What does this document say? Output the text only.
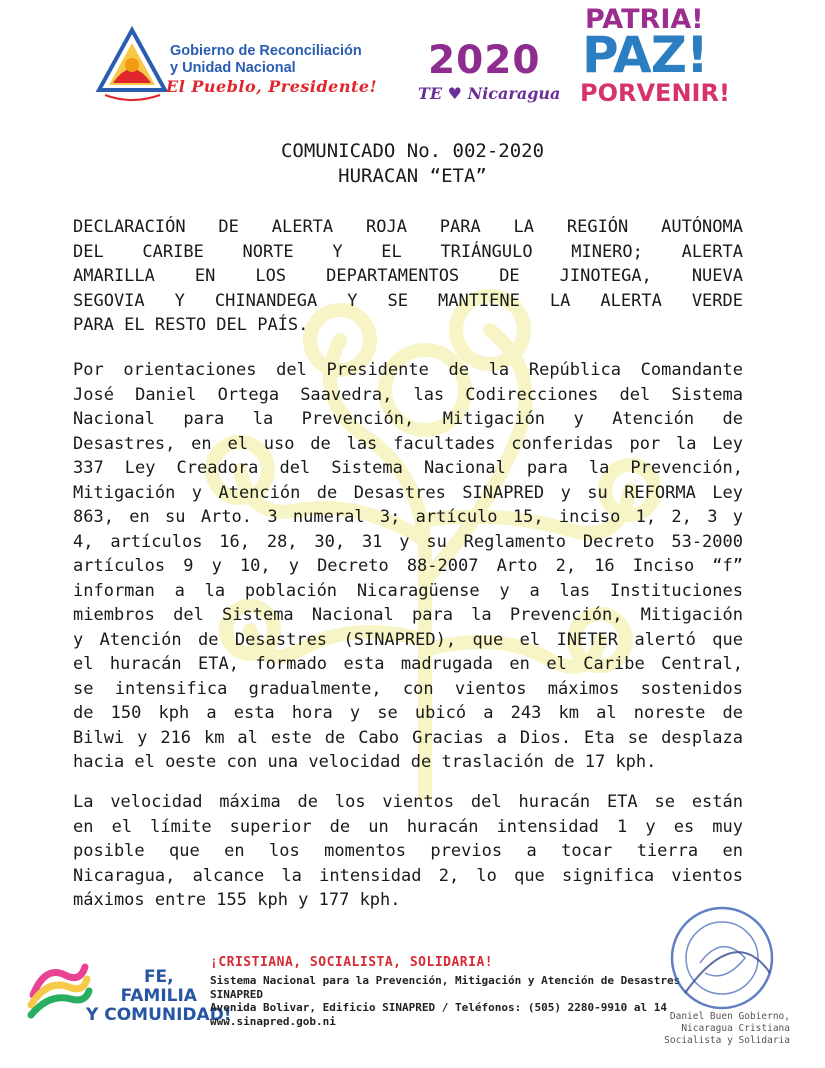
Gobierno de Reconciliación
y Unidad Nacional
El Pueblo, Presidente!
2020
TE ♥ Nicaragua
PATRIA!
PAZ!
PORVENIR!
COMUNICADO No. 002-2020
HURACAN “ETA”
DECLARACIÓN DE ALERTA ROJA PARA LA REGIÓN AUTÓNOMA
DEL CARIBE NORTE Y EL TRIÁNGULO MINERO; ALERTA
AMARILLA EN LOS DEPARTAMENTOS DE JINOTEGA, NUEVA
SEGOVIA Y CHINANDEGA Y SE MANTIENE LA ALERTA VERDE
PARA EL RESTO DEL PAÍS.
Por orientaciones del Presidente de la República Comandante
José Daniel Ortega Saavedra, las Codirecciones del Sistema
Nacional para la Prevención, Mitigación y Atención de
Desastres, en el uso de las facultades conferidas por la Ley
337 Ley Creadora del Sistema Nacional para la Prevención,
Mitigación y Atención de Desastres SINAPRED y su REFORMA Ley
863, en su Arto. 3 numeral 3; artículo 15, inciso 1, 2, 3 y
4, artículos 16, 28, 30, 31 y su Reglamento Decreto 53-2000
artículos 9 y 10, y Decreto 88-2007 Arto 2, 16 Inciso “f”
informan a la población Nicaragüense y a las Instituciones
miembros del Sistema Nacional para la Prevención, Mitigación
y Atención de Desastres (SINAPRED), que el INETER alertó que
el huracán ETA, formado esta madrugada en el Caribe Central,
se intensifica gradualmente, con vientos máximos sostenidos
de 150 kph a esta hora y se ubicó a 243 km al noreste de
Bilwi y 216 km al este de Cabo Gracias a Dios. Eta se desplaza
hacia el oeste con una velocidad de traslación de 17 kph.
La velocidad máxima de los vientos del huracán ETA se están
en el límite superior de un huracán intensidad 1 y es muy
posible que en los momentos previos a tocar tierra en
Nicaragua, alcance la intensidad 2, lo que significa vientos
máximos entre 155 kph y 177 kph.
FE,
FAMILIA
Y COMUNIDAD!
¡CRISTIANA, SOCIALISTA, SOLIDARIA!
Sistema Nacional para la Prevención, Mitigación y Atención de Desastres
SINAPRED
Avenida Bolivar, Edificio SINAPRED / Teléfonos: (505) 2280-9910 al 14
www.sinapred.gob.ni	Daniel Buen Gobierno,
Nicaragua Cristiana
Socialista y Solidaria
